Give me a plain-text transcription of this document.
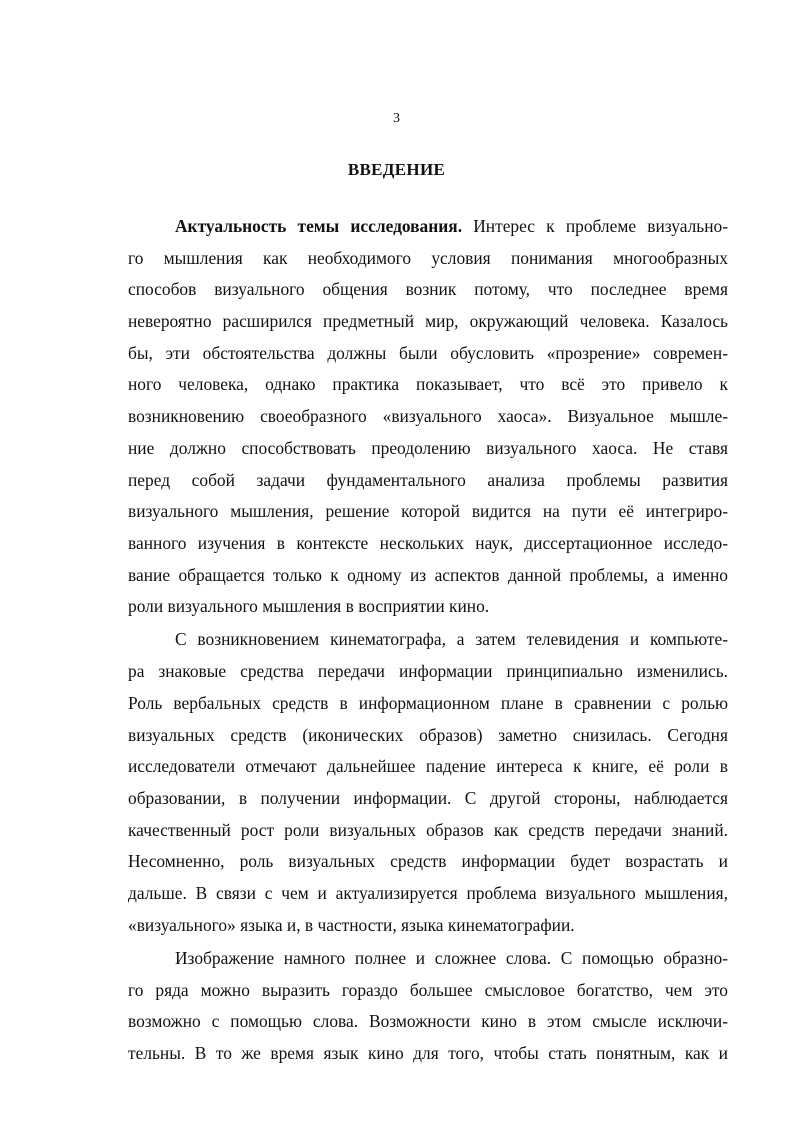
3
ВВЕДЕНИЕ
Актуальность темы исследования. Интерес к проблеме визуально-
го мышления как необходимого условия понимания многообразных
способов визуального общения возник потому, что последнее время
невероятно расширился предметный мир, окружающий человека. Казалось
бы, эти обстоятельства должны были обусловить «прозрение» современ-
ного человека, однако практика показывает, что всё это привело к
возникновению своеобразного «визуального хаоса». Визуальное мышле-
ние должно способствовать преодолению визуального хаоса. Не ставя
перед собой задачи фундаментального анализа проблемы развития
визуального мышления, решение которой видится на пути её интегриро-
ванного изучения в контексте нескольких наук, диссертационное исследо-
вание обращается только к одному из аспектов данной проблемы, а именно
роли визуального мышления в восприятии кино.
С возникновением кинематографа, а затем телевидения и компьюте-
ра знаковые средства передачи информации принципиально изменились.
Роль вербальных средств в информационном плане в сравнении с ролью
визуальных средств (иконических образов) заметно снизилась. Сегодня
исследователи отмечают дальнейшее падение интереса к книге, её роли в
образовании, в получении информации. С другой стороны, наблюдается
качественный рост роли визуальных образов как средств передачи знаний.
Несомненно, роль визуальных средств информации будет возрастать и
дальше. В связи с чем и актуализируется проблема визуального мышления,
«визуального» языка и, в частности, языка кинематографии.
Изображение намного полнее и сложнее слова. С помощью образно-
го ряда можно выразить гораздо большее смысловое богатство, чем это
возможно с помощью слова. Возможности кино в этом смысле исключи-
тельны. В то же время язык кино для того, чтобы стать понятным, как и
